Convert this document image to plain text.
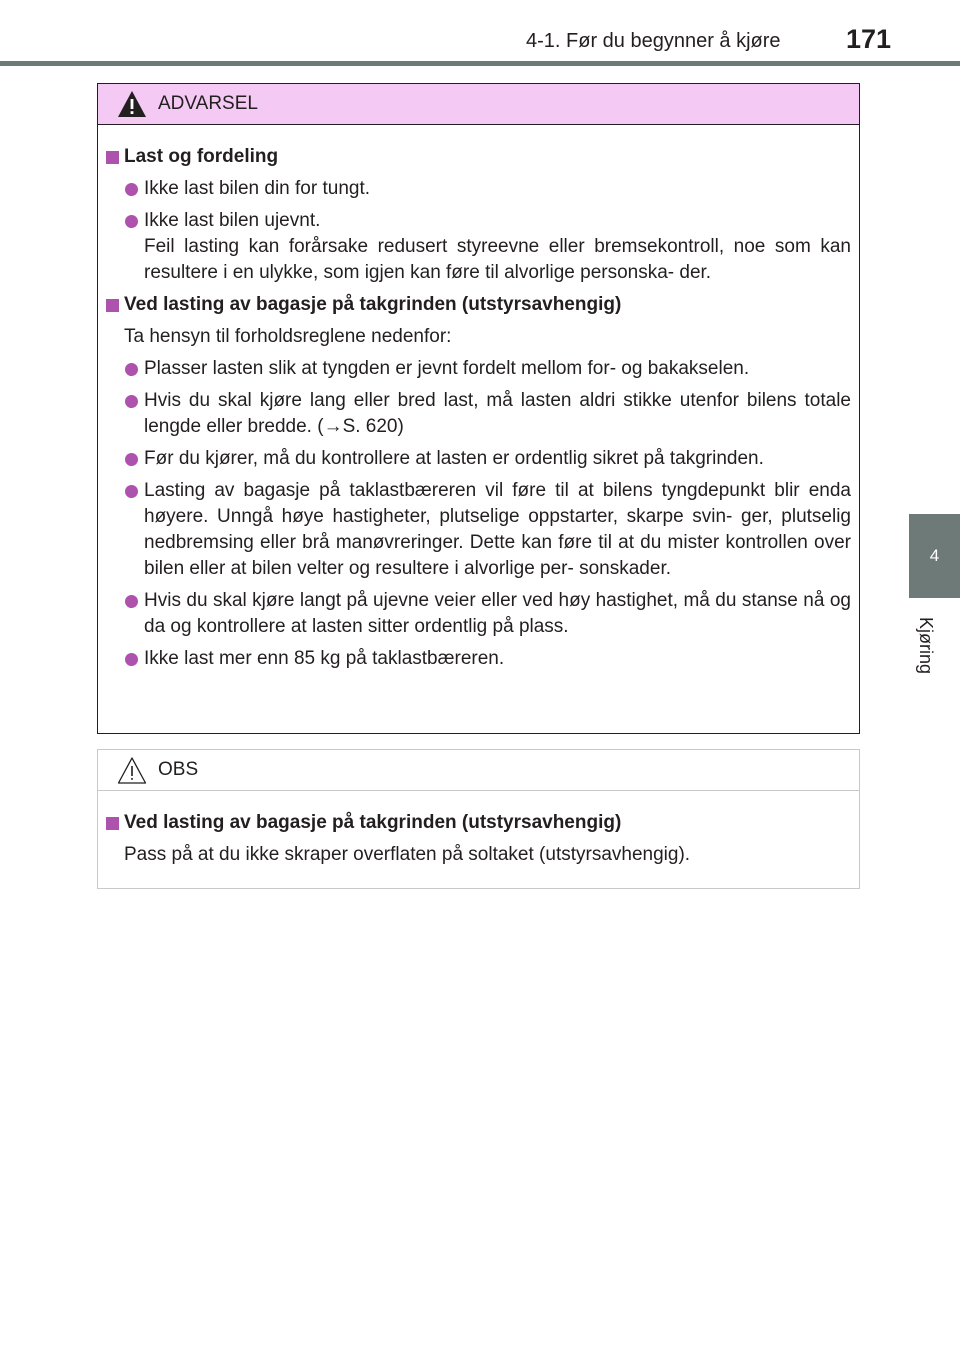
4-1. Før du begynner å kjøre 171
4
Kjøring
ADVARSEL
Last og fordeling
Ikke last bilen din for tungt.
Ikke last bilen ujevnt.
Feil lasting kan forårsake redusert styreevne eller bremsekontroll, noe som kan resultere i en ulykke, som igjen kan føre til alvorlige personska- der.
Ved lasting av bagasje på takgrinden (utstyrsavhengig)
Ta hensyn til forholdsreglene nedenfor:
Plasser lasten slik at tyngden er jevnt fordelt mellom for- og bakakselen.
Hvis du skal kjøre lang eller bred last, må lasten aldri stikke utenfor bilens totale lengde eller bredde. (→S. 620)
Før du kjører, må du kontrollere at lasten er ordentlig sikret på takgrinden.
Lasting av bagasje på taklastbæreren vil føre til at bilens tyngdepunkt blir enda høyere. Unngå høye hastigheter, plutselige oppstarter, skarpe svin- ger, plutselig nedbremsing eller brå manøvreringer. Dette kan føre til at du mister kontrollen over bilen eller at bilen velter og resultere i alvorlige per- sonskader.
Hvis du skal kjøre langt på ujevne veier eller ved høy hastighet, må du stanse nå og da og kontrollere at lasten sitter ordentlig på plass.
Ikke last mer enn 85 kg på taklastbæreren.
OBS
Ved lasting av bagasje på takgrinden (utstyrsavhengig)
Pass på at du ikke skraper overflaten på soltaket (utstyrsavhengig).
